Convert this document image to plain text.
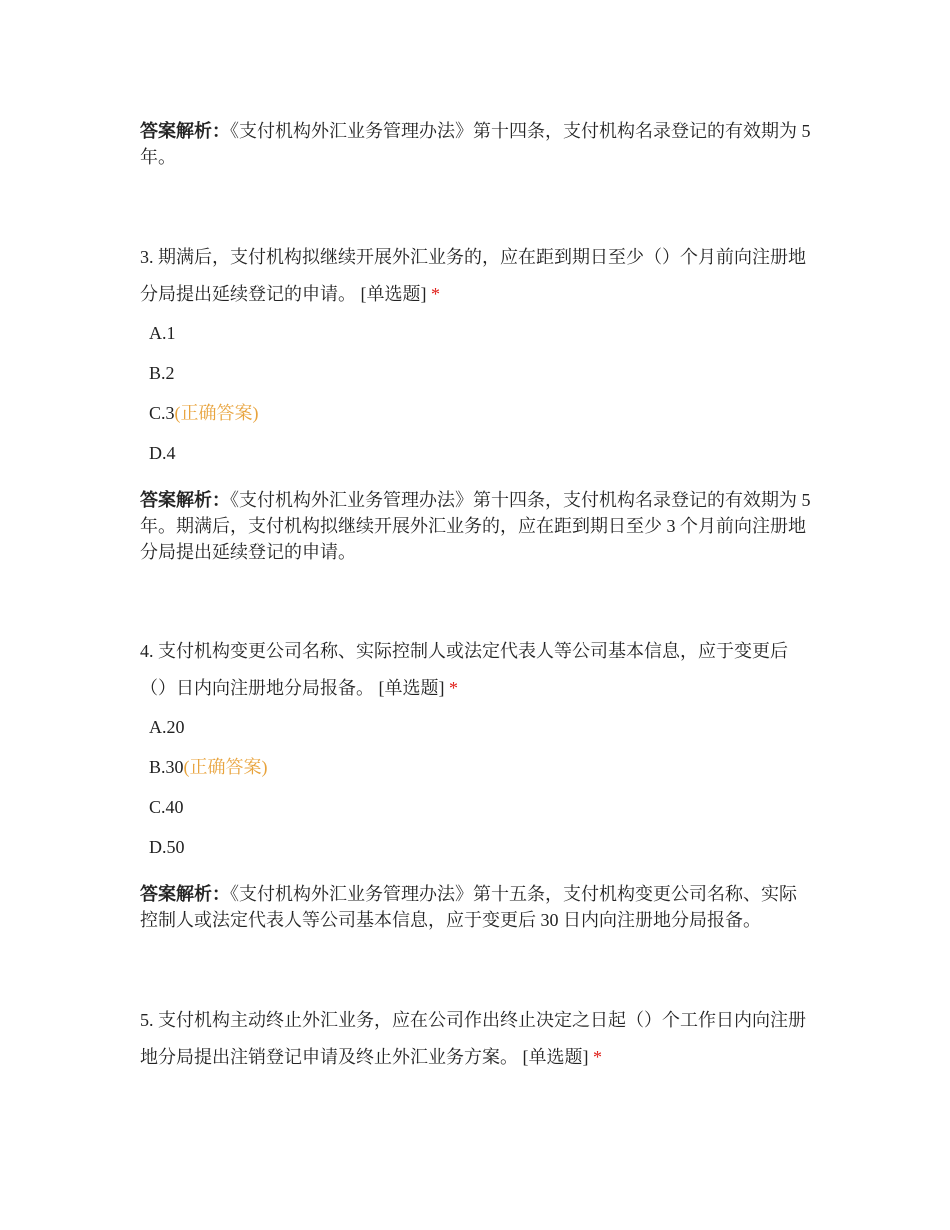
答案解析：《支付机构外汇业务管理办法》第十四条，支付机构名录登记的有效期为 5 年。

3. 期满后，支付机构拟继续开展外汇业务的，应在距到期日至少（）个月前向注册地分局提出延续登记的申请。 [单选题] *

A.1
B.2
C.3(正确答案)
D.4

答案解析：《支付机构外汇业务管理办法》第十四条，支付机构名录登记的有效期为 5 年。期满后，支付机构拟继续开展外汇业务的，应在距到期日至少 3 个月前向注册地分局提出延续登记的申请。

4. 支付机构变更公司名称、实际控制人或法定代表人等公司基本信息，应于变更后（）日内向注册地分局报备。 [单选题] *

A.20
B.30(正确答案)
C.40
D.50

答案解析：《支付机构外汇业务管理办法》第十五条，支付机构变更公司名称、实际控制人或法定代表人等公司基本信息，应于变更后 30 日内向注册地分局报备。

5. 支付机构主动终止外汇业务，应在公司作出终止决定之日起（）个工作日内向注册地分局提出注销登记申请及终止外汇业务方案。 [单选题] *
